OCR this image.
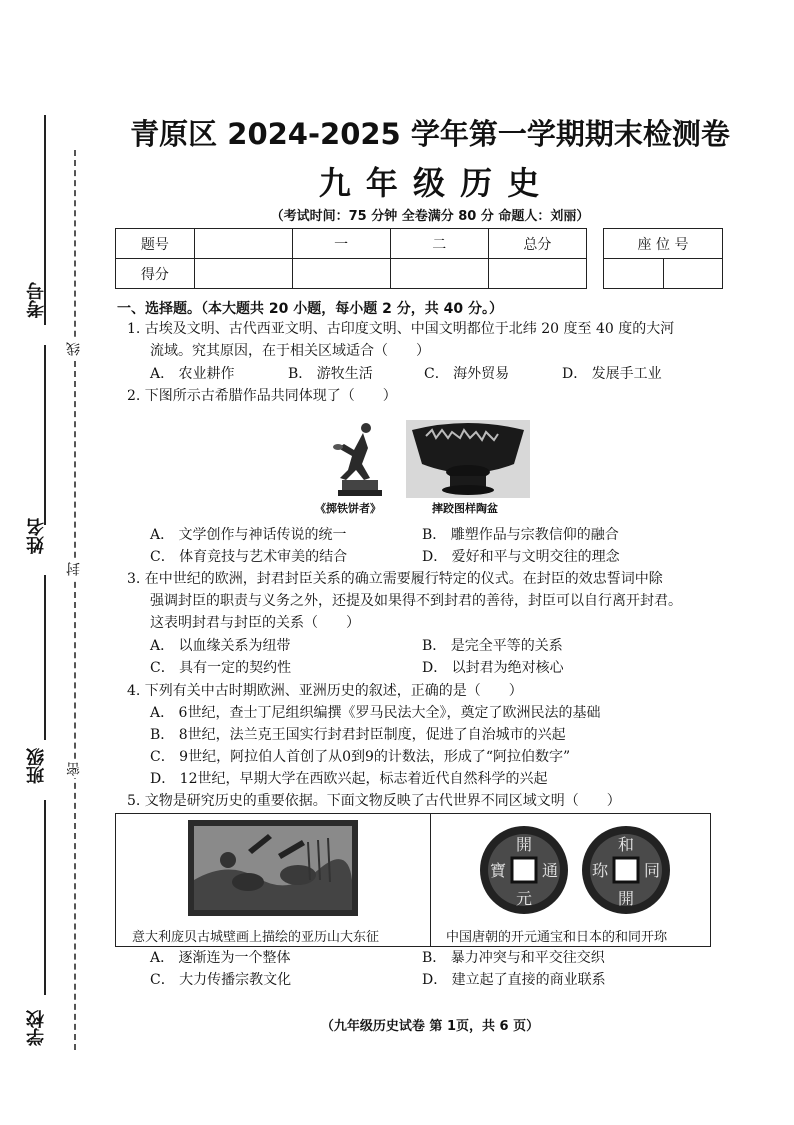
考号
姓名
班级
学校
线
封
密
青原区 2024-2025 学年第一学期期末检测卷
九 年 级 历 史
（考试时间：75 分钟 全卷满分 80 分 命题人：刘丽）
题号		一	二	总分
得分				
座 位 号

一、选择题。（本大题共 20 小题，每小题 2 分，共 40 分。）
1. 古埃及文明、古代西亚文明、古印度文明、中国文明都位于北纬 20 度至 40 度的大河
流域。究其原因，在于相关区域适合（　　）
A． 农业耕作	B． 游牧生活	C． 海外贸易	D． 发展手工业
2. 下图所示古希腊作品共同体现了（　　）
《掷铁饼者》	摔跤图样陶盆
A． 文学创作与神话传说的统一	B． 雕塑作品与宗教信仰的融合
C． 体育竞技与艺术审美的结合	D． 爱好和平与文明交往的理念
3. 在中世纪的欧洲，封君封臣关系的确立需要履行特定的仪式。在封臣的效忠誓词中除
强调封臣的职责与义务之外，还提及如果得不到封君的善待，封臣可以自行离开封君。
这表明封君与封臣的关系（　　）
A． 以血缘关系为纽带	B． 是完全平等的关系
C． 具有一定的契约性	D． 以封君为绝对核心
4. 下列有关中古时期欧洲、亚洲历史的叙述，正确的是（　　）
A． 6世纪，查士丁尼组织编撰《罗马民法大全》，奠定了欧洲民法的基础
B． 8世纪，法兰克王国实行封君封臣制度，促进了自治城市的兴起
C． 9世纪，阿拉伯人首创了从0到9的计数法，形成了“阿拉伯数字”
D． 12世纪，早期大学在西欧兴起，标志着近代自然科学的兴起
5. 文物是研究历史的重要依据。下面文物反映了古代世界不同区域文明（　　）
開
元
通
寶
和
同
開
珎
意大利庞贝古城壁画上描绘的亚历山大东征	中国唐朝的开元通宝和日本的和同开珎
A． 逐渐连为一个整体	B． 暴力冲突与和平交往交织
C． 大力传播宗教文化	D． 建立起了直接的商业联系
（九年级历史试卷 第 1页，共 6 页）
